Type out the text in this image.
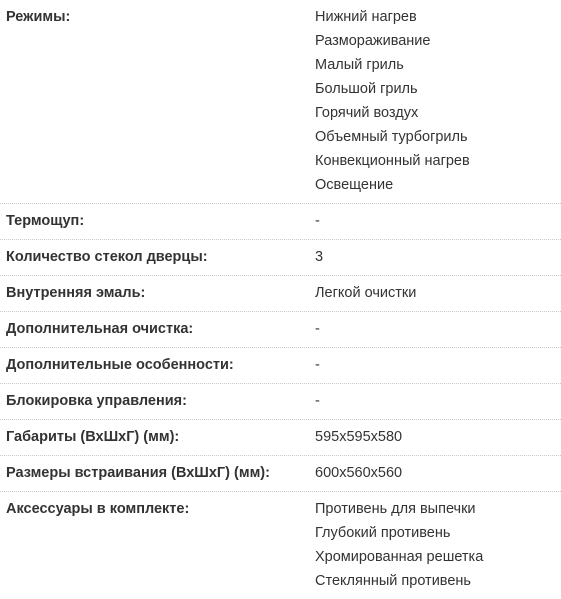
Режимы:	Нижний нагрев
Размораживание
Малый гриль
Большой гриль
Горячий воздух
Объемный турбогриль
Конвекционный нагрев
Освещение
Термощуп:	-
Количество стекол дверцы:	3
Внутренняя эмаль:	Легкой очистки
Дополнительная очистка:	-
Дополнительные особенности:	-
Блокировка управления:	-
Габариты (ВхШхГ) (мм):	595x595x580
Размеры встраивания (ВхШхГ) (мм):	600x560x560
Аксессуары в комплекте:	Противень для выпечки
Глубокий противень
Хромированная решетка
Стеклянный противень
